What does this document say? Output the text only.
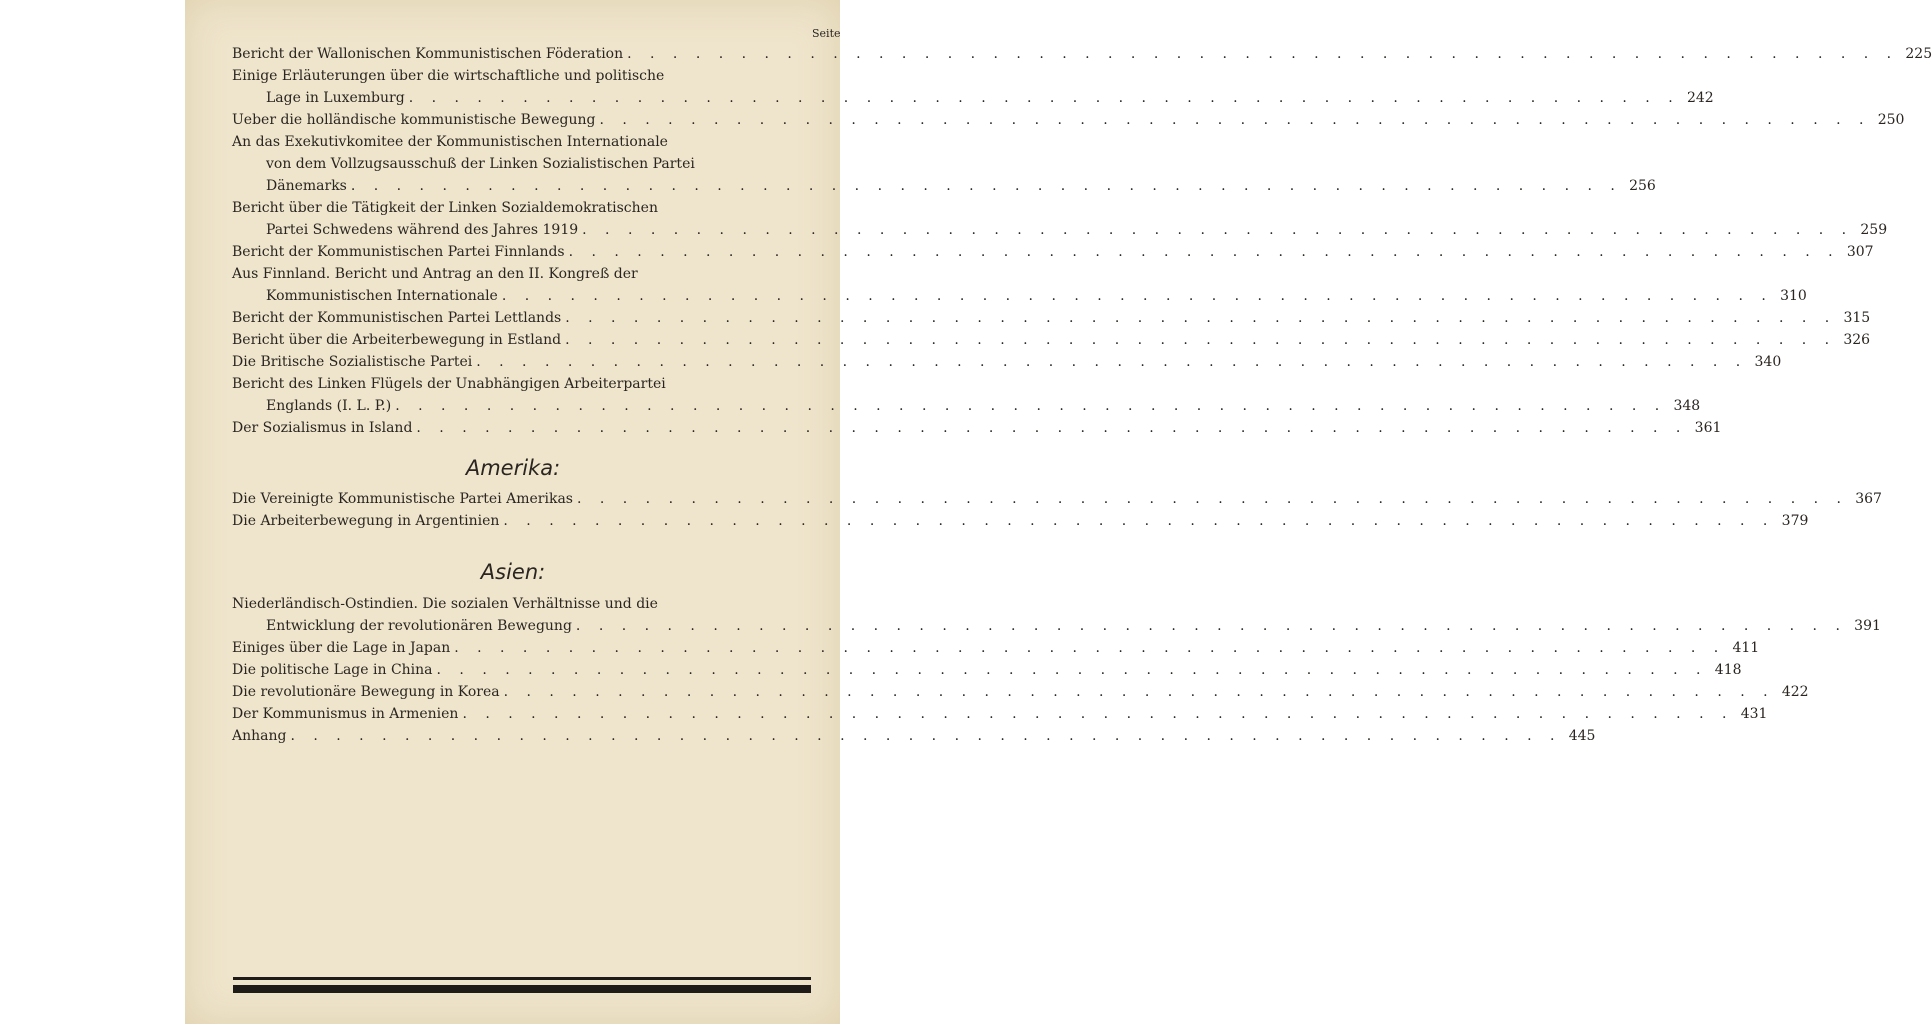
Seite
Bericht der Wallonischen Kommunistischen Föderation . . . . . . . . . . . . . . . . . . . . . . . . . . . . . . . . . . . . . . . . . . . . . . . . . . . . . . . . 225
Einige Erläuterungen über die wirtschaftliche und politische
Lage in Luxemburg . . . . . . . . . . . . . . . . . . . . . . . . . . . . . . . . . . . . . . . . . . . . . . . . . . . . . . . . 242
Ueber die holländische kommunistische Bewegung . . . . . . . . . . . . . . . . . . . . . . . . . . . . . . . . . . . . . . . . . . . . . . . . . . . . . . . . 250
An das Exekutivkomitee der Kommunistischen Internationale
von dem Vollzugsausschuß der Linken Sozialistischen Partei
Dänemarks . . . . . . . . . . . . . . . . . . . . . . . . . . . . . . . . . . . . . . . . . . . . . . . . . . . . . . . . 256
Bericht über die Tätigkeit der Linken Sozialdemokratischen
Partei Schwedens während des Jahres 1919 . . . . . . . . . . . . . . . . . . . . . . . . . . . . . . . . . . . . . . . . . . . . . . . . . . . . . . . . 259
Bericht der Kommunistischen Partei Finnlands . . . . . . . . . . . . . . . . . . . . . . . . . . . . . . . . . . . . . . . . . . . . . . . . . . . . . . . . 307
Aus Finnland. Bericht und Antrag an den II. Kongreß der
Kommunistischen Internationale . . . . . . . . . . . . . . . . . . . . . . . . . . . . . . . . . . . . . . . . . . . . . . . . . . . . . . . . 310
Bericht der Kommunistischen Partei Lettlands . . . . . . . . . . . . . . . . . . . . . . . . . . . . . . . . . . . . . . . . . . . . . . . . . . . . . . . . 315
Bericht über die Arbeiterbewegung in Estland . . . . . . . . . . . . . . . . . . . . . . . . . . . . . . . . . . . . . . . . . . . . . . . . . . . . . . . . 326
Die Britische Sozialistische Partei . . . . . . . . . . . . . . . . . . . . . . . . . . . . . . . . . . . . . . . . . . . . . . . . . . . . . . . . 340
Bericht des Linken Flügels der Unabhängigen Arbeiterpartei
Englands (I. L. P.) . . . . . . . . . . . . . . . . . . . . . . . . . . . . . . . . . . . . . . . . . . . . . . . . . . . . . . . . 348
Der Sozialismus in Island . . . . . . . . . . . . . . . . . . . . . . . . . . . . . . . . . . . . . . . . . . . . . . . . . . . . . . . . 361
Amerika:
Die Vereinigte Kommunistische Partei Amerikas . . . . . . . . . . . . . . . . . . . . . . . . . . . . . . . . . . . . . . . . . . . . . . . . . . . . . . . . 367
Die Arbeiterbewegung in Argentinien . . . . . . . . . . . . . . . . . . . . . . . . . . . . . . . . . . . . . . . . . . . . . . . . . . . . . . . . 379
Asien:
Niederländisch-Ostindien. Die sozialen Verhältnisse und die
Entwicklung der revolutionären Bewegung . . . . . . . . . . . . . . . . . . . . . . . . . . . . . . . . . . . . . . . . . . . . . . . . . . . . . . . . 391
Einiges über die Lage in Japan . . . . . . . . . . . . . . . . . . . . . . . . . . . . . . . . . . . . . . . . . . . . . . . . . . . . . . . . 411
Die politische Lage in China . . . . . . . . . . . . . . . . . . . . . . . . . . . . . . . . . . . . . . . . . . . . . . . . . . . . . . . . 418
Die revolutionäre Bewegung in Korea . . . . . . . . . . . . . . . . . . . . . . . . . . . . . . . . . . . . . . . . . . . . . . . . . . . . . . . . 422
Der Kommunismus in Armenien . . . . . . . . . . . . . . . . . . . . . . . . . . . . . . . . . . . . . . . . . . . . . . . . . . . . . . . . 431
Anhang . . . . . . . . . . . . . . . . . . . . . . . . . . . . . . . . . . . . . . . . . . . . . . . . . . . . . . . . 445
